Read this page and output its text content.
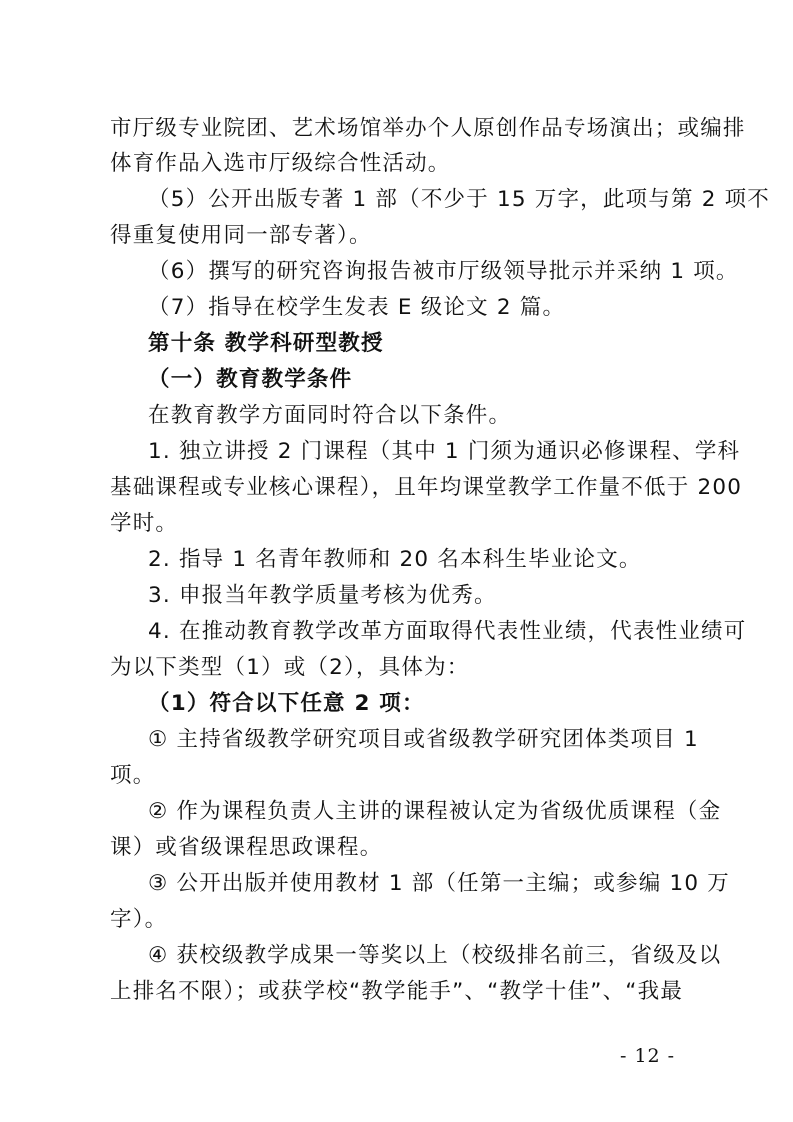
市厅级专业院团、艺术场馆举办个人原创作品专场演出；或编排
体育作品入选市厅级综合性活动。
（5）公开出版专著 1 部（不少于 15 万字，此项与第 2 项不
得重复使用同一部专著）。
（6）撰写的研究咨询报告被市厅级领导批示并采纳 1 项。
（7）指导在校学生发表 E 级论文 2 篇。
第十条 教学科研型教授
（一）教育教学条件
在教育教学方面同时符合以下条件。
1. 独立讲授 2 门课程（其中 1 门须为通识必修课程、学科
基础课程或专业核心课程），且年均课堂教学工作量不低于 200
学时。
2. 指导 1 名青年教师和 20 名本科生毕业论文。
3. 申报当年教学质量考核为优秀。
4. 在推动教育教学改革方面取得代表性业绩，代表性业绩可
为以下类型（1）或（2），具体为：
（1）符合以下任意 2 项：
① 主持省级教学研究项目或省级教学研究团体类项目 1
项。
② 作为课程负责人主讲的课程被认定为省级优质课程（金
课）或省级课程思政课程。
③ 公开出版并使用教材 1 部（任第一主编；或参编 10 万
字）。
④ 获校级教学成果一等奖以上（校级排名前三，省级及以
上排名不限）；或获学校“教学能手”、“教学十佳”、“我最
- 12 -
